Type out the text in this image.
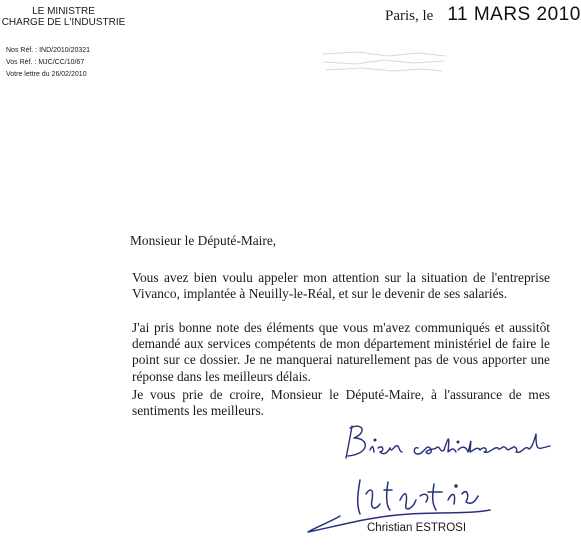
LE MINISTRE
CHARGE DE L'INDUSTRIE
Nos Réf. : IND/2010/20321
Vos Réf. : MJC/CC/10/67
Votre lettre du 26/02/2010
Paris, le 11 MARS 2010
Monsieur le Député-Maire,
Vous avez bien voulu appeler mon attention sur la situation de l'entreprise Vivanco, implantée à Neuilly-le-Réal, et sur le devenir de ses salariés.
J'ai pris bonne note des éléments que vous m'avez communiqués et aussitôt demandé aux services compétents de mon département ministériel de faire le point sur ce dossier. Je ne manquerai naturellement pas de vous apporter une réponse dans les meilleurs délais.
Je vous prie de croire, Monsieur le Député-Maire, à l'assurance de mes sentiments les meilleurs.
Christian ESTROSI
